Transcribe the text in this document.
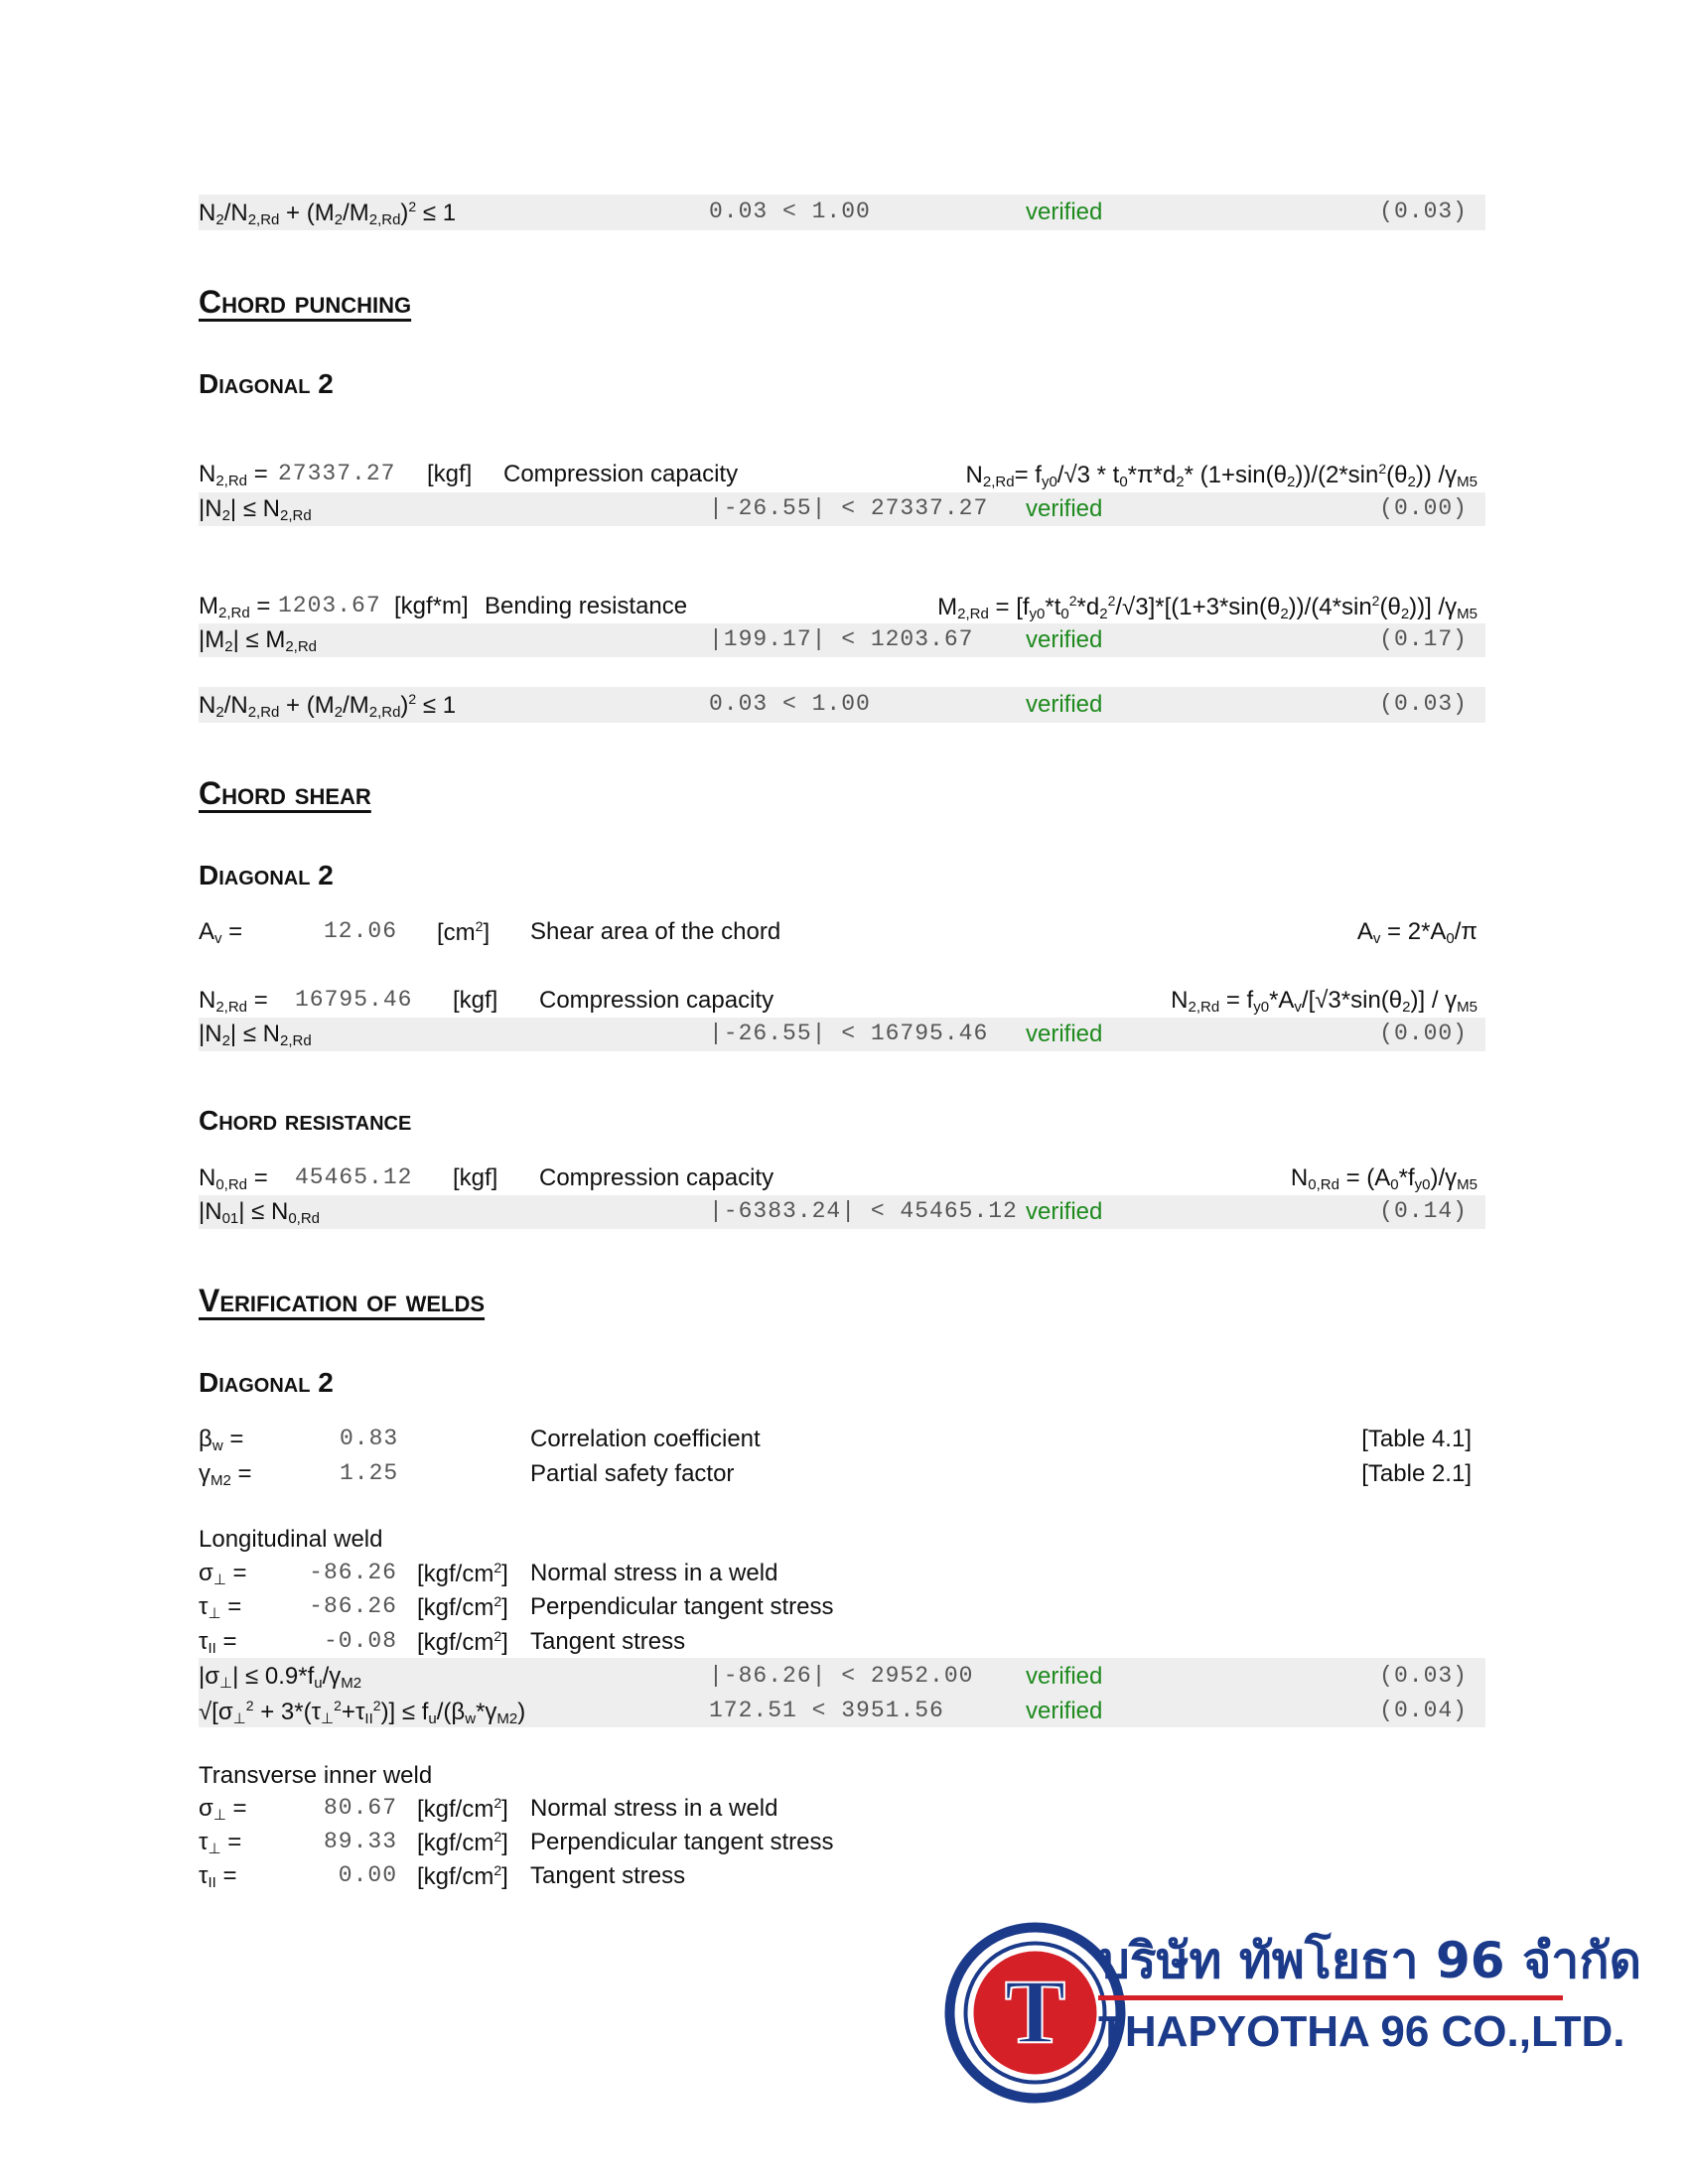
$N_2/N_{2,Rd} + (M_2/M_{2,Rd})^2 \le 1$	0.03 < 1.00	verified	(0.03)
Chord punching
Diagonal 2
$N_{2,Rd} = 27337.27$ [kgf] Compression capacity	$N_{2,Rd}= f_{y0}/√3 * t_0*\pi*d_2*$ $(1+\sin(\theta_2))/(2*\sin^2(\theta_2))$ $/\gamma_{M5}$
$|N_2| \le N_{2,Rd}$	|-26.55| < 27337.27 verified	(0.00)
$M_{2,Rd} = 1203.67$ [kgf*m] Bending resistance	$M_{2,Rd} = [f_{y0}*t_0^2*d_2^2/√3]*[(1+3*\sin(\theta_2))/(4*\sin^2(\theta_2))]$ $/\gamma_{M5}$
$|M_2| \le M_{2,Rd}$	|199.17| < 1203.67 verified	(0.17)
$N_2/N_{2,Rd} + (M_2/M_{2,Rd})^2 \le 1$	0.03 < 1.00	verified	(0.03)
Chord shear
Diagonal 2
$A_v$ =	12.06 $[cm^2]$ Shear area of the chord	$A_v = 2*A_0/\pi$
$N_{2,Rd} = 16795.46$ [kgf] Compression capacity	$N_{2,Rd} = f_{y0}*A_v/[√3*\sin(\theta_2)] / \gamma_{M5}$
$|N_2| \le N_{2,Rd}$	|-26.55| < 16795.46 verified	(0.00)
Chord resistance
$N_{0,Rd} = 45465.12$ [kgf] Compression capacity	$N_{0,Rd} = (A_0*f_{y0})/\gamma_{M5}$
$|N_{01}| \le N_{0,Rd}$	|-6383.24| < 45465.12 verified	(0.14)
Verification of welds
Diagonal 2
$\beta_w$ =	0.83	Correlation coefficient	[Table 4.1]
$\gamma_{M2}$ =	1.25	Partial safety factor	[Table 2.1]
Longitudinal weld
$\sigma_\perp$ =	-86.26 $[kgf/cm^2]$ Normal stress in a weld
$\tau_\perp$ =	-86.26 $[kgf/cm^2]$ Perpendicular tangent stress
$\tau_{II}$ =	-0.08 $[kgf/cm^2]$ Tangent stress
$|\sigma_\perp| \le 0.9*f_u/\gamma_{M2}$	|-86.26| < 2952.00 verified	(0.03)
$√[\sigma_\perp^2 + 3*(\tau_\perp^2+\tau_{II}^2)] \le f_u/(\beta_w*\gamma_{M2})$	172.51 < 3951.56	verified	(0.04)
Transverse inner weld
$\sigma_\perp$ =	80.67 $[kgf/cm^2]$ Normal stress in a weld
$\tau_\perp$ =	89.33 $[kgf/cm^2]$ Perpendicular tangent stress
$\tau_{II}$ =	0.00 $[kgf/cm^2]$ Tangent stress
T บริษัท ทัพโยธา 96 จำกัด
THAPYOTHA 96 CO.,LTD.
